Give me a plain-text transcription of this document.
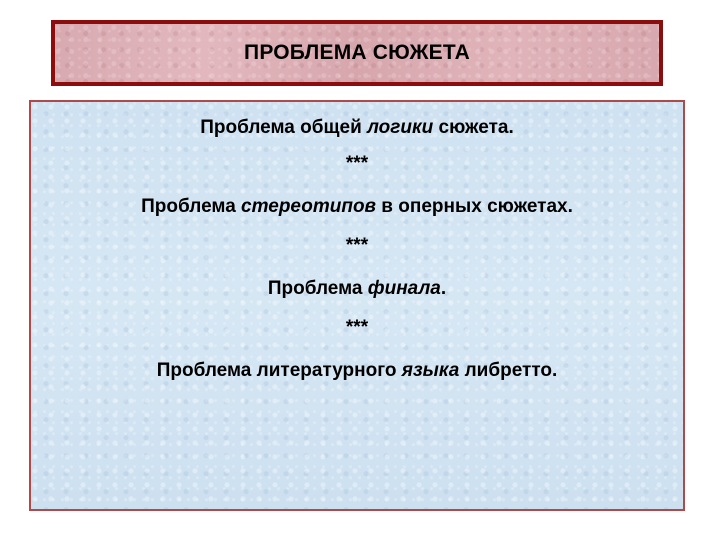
ПРОБЛЕМА СЮЖЕТА
Проблема общей логики сюжета.
***
Проблема стереотипов в оперных сюжетах.
***
Проблема финала.
***
Проблема литературного языка либретто.
